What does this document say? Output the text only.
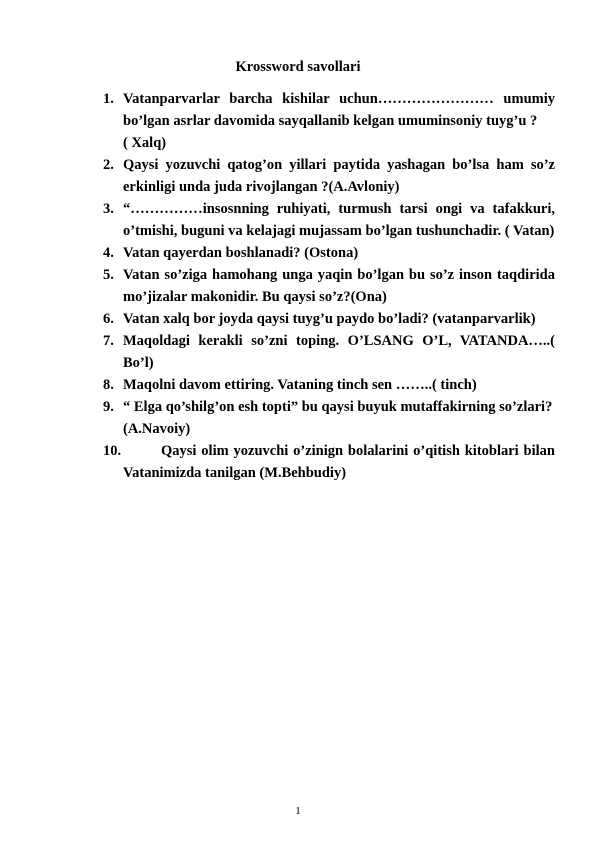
Krossword savollari
1. Vatanparvarlar barcha kishilar uchun…………………… umumiy bo’lgan asrlar davomida sayqallanib kelgan umuminsoniy tuyg’u ?
( Xalq)
2. Qaysi yozuvchi qatog’on yillari paytida yashagan bo’lsa ham so’z erkinligi unda juda rivojlangan ?(A.Avloniy)
3. “……………insosnning ruhiyati, turmush tarsi ongi va tafakkuri, o’tmishi, buguni va kelajagi mujassam bo’lgan tushunchadir. ( Vatan)
4. Vatan qayerdan boshlanadi? (Ostona)
5. Vatan so’ziga hamohang unga yaqin bo’lgan bu so’z inson taqdirida mo’jizalar makonidir. Bu qaysi so’z?(Ona)
6. Vatan xalq bor joyda qaysi tuyg’u paydo bo’ladi? (vatanparvarlik)
7. Maqoldagi kerakli so’zni toping. O’LSANG O’L, VATANDA…..( Bo’l)
8. Maqolni davom ettiring. Vataning tinch sen ……..( tinch)
9. “ Elga qo’shilg’on esh topti” bu qaysi buyuk mutaffakirning so’zlari?
(A.Navoiy)
10.	Qaysi olim yozuvchi o’zinign bolalarini o’qitish kitoblari bilan Vatanimizda tanilgan (M.Behbudiy)
1
